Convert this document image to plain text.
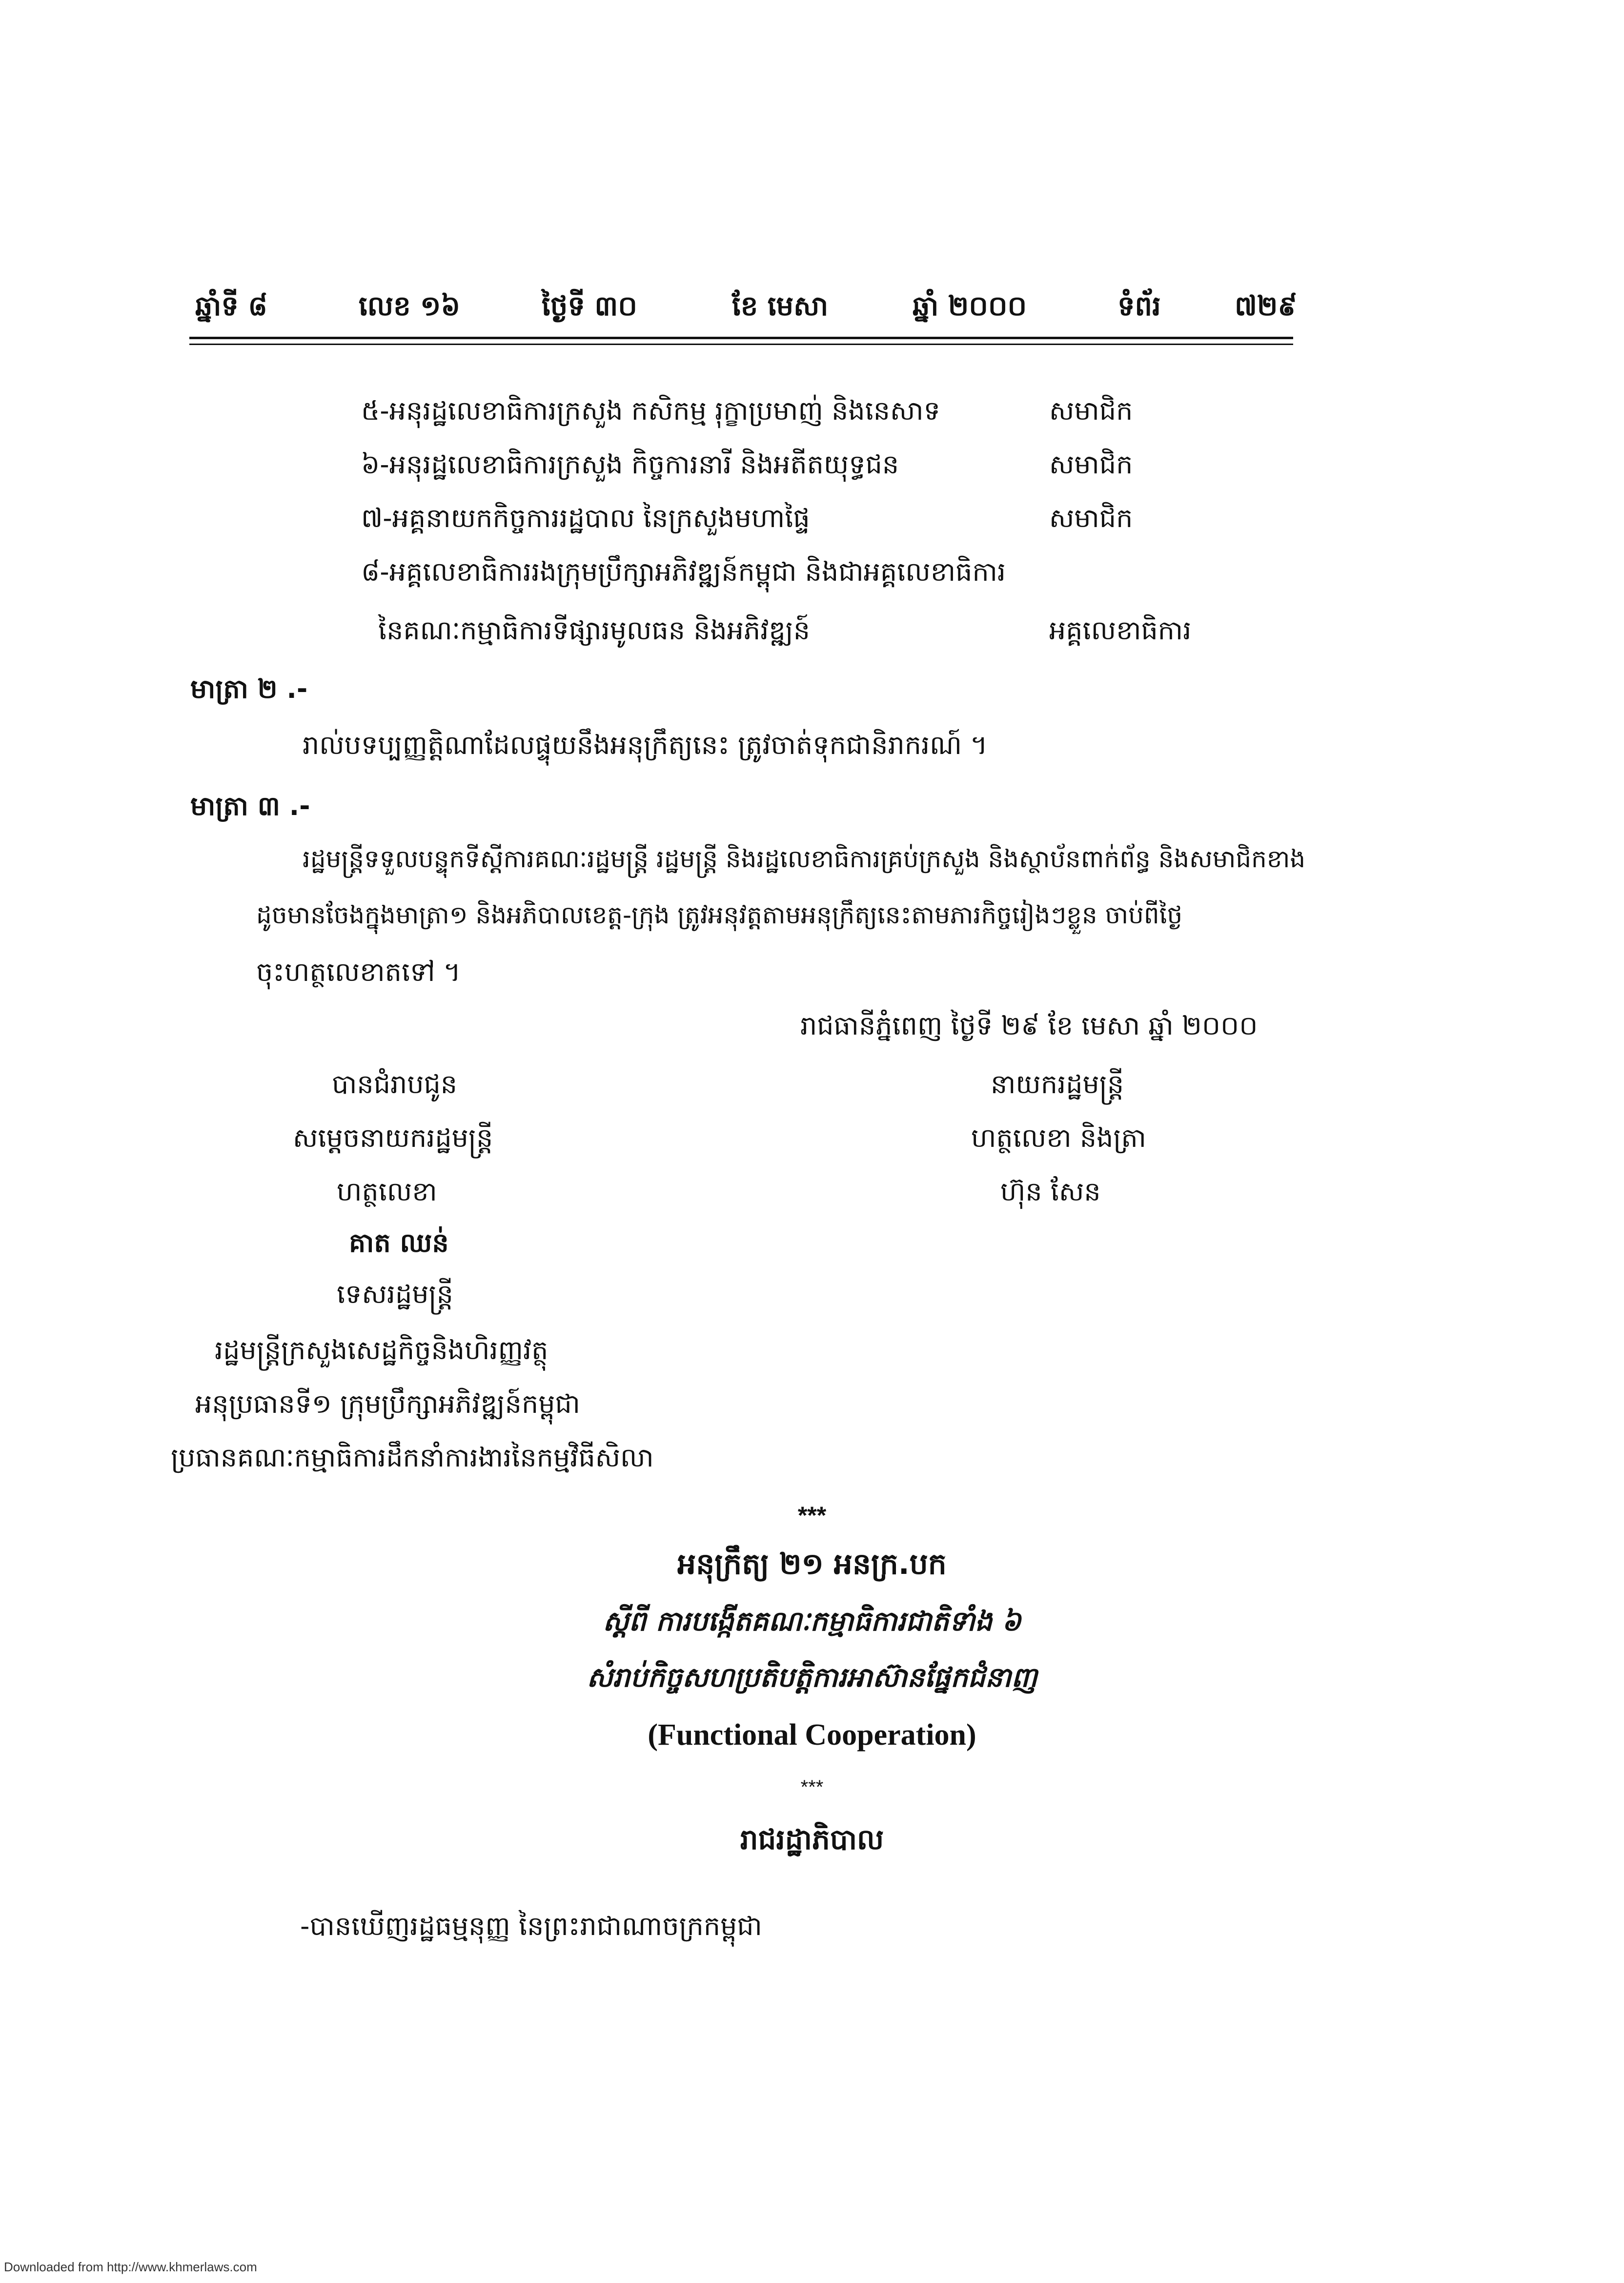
ឆ្នាំទី ៨	លេខ ១៦	ថ្ងៃទី ៣០	ខែ មេសា	ឆ្នាំ ២០០០	ទំព័រ	៧២៩
៥-អនុរដ្ឋលេខាធិការក្រសួង កសិកម្ម រុក្ខាប្រមាញ់ និងនេសាទ	សមាជិក
៦-អនុរដ្ឋលេខាធិការក្រសួង កិច្ចការនារី និងអតីតយុទ្ធជន	សមាជិក
៧-អគ្គនាយកកិច្ចការរដ្ឋបាល នៃក្រសួងមហាផ្ទៃ	សមាជិក
៨-អគ្គលេខាធិការរងក្រុមប្រឹក្សាអភិវឌ្ឍន៍កម្ពុជា និងជាអគ្គលេខាធិការ
នៃគណៈកម្មាធិការទីផ្សារមូលធន និងអភិវឌ្ឍន៍	អគ្គលេខាធិការ
មាត្រា ២ .-
រាល់បទប្បញ្ញត្តិណាដែលផ្ទុយនឹងអនុក្រឹត្យនេះ ត្រូវចាត់ទុកជានិរាករណ៍ ។
មាត្រា ៣ .-
រដ្ឋមន្ត្រីទទួលបន្ទុកទីស្តីការគណៈរដ្ឋមន្ត្រី រដ្ឋមន្ត្រី និងរដ្ឋលេខាធិការគ្រប់ក្រសួង និងស្ថាប័នពាក់ព័ន្ធ និងសមាជិកខាង
ដូចមានចែងក្នុងមាត្រា១ និងអភិបាលខេត្ត-ក្រុង ត្រូវអនុវត្តតាមអនុក្រឹត្យនេះតាមភារកិច្ចរៀងៗខ្លួន ចាប់ពីថ្ងៃ
ចុះហត្ថលេខាតទៅ ។
រាជធានីភ្នំពេញ ថ្ងៃទី ២៩ ខែ មេសា ឆ្នាំ ២០០០
នាយករដ្ឋមន្ត្រី
ហត្ថលេខា និងត្រា
ហ៊ុន សែន
បានជំរាបជូន
សម្តេចនាយករដ្ឋមន្ត្រី
ហត្ថលេខា
គាត ឈន់
ទេសរដ្ឋមន្ត្រី
រដ្ឋមន្ត្រីក្រសួងសេដ្ឋកិច្ចនិងហិរញ្ញវត្ថុ
អនុប្រធានទី១ ក្រុមប្រឹក្សាអភិវឌ្ឍន៍កម្ពុជា
ប្រធានគណៈកម្មាធិការដឹកនាំការងារនៃកម្មវិធីសិលា
***
អនុក្រឹត្យ ២១ អនក្រ.បក
ស្តីពី ការបង្កើតគណៈកម្មាធិការជាតិទាំង ៦
សំរាប់កិច្ចសហប្រតិបត្តិការអាស៊ានផ្នែកជំនាញ
(Functional Cooperation)
***
រាជរដ្ឋាភិបាល
-បានឃើញរដ្ឋធម្មនុញ្ញ នៃព្រះរាជាណាចក្រកម្ពុជា
Downloaded from http://www.khmerlaws.com
